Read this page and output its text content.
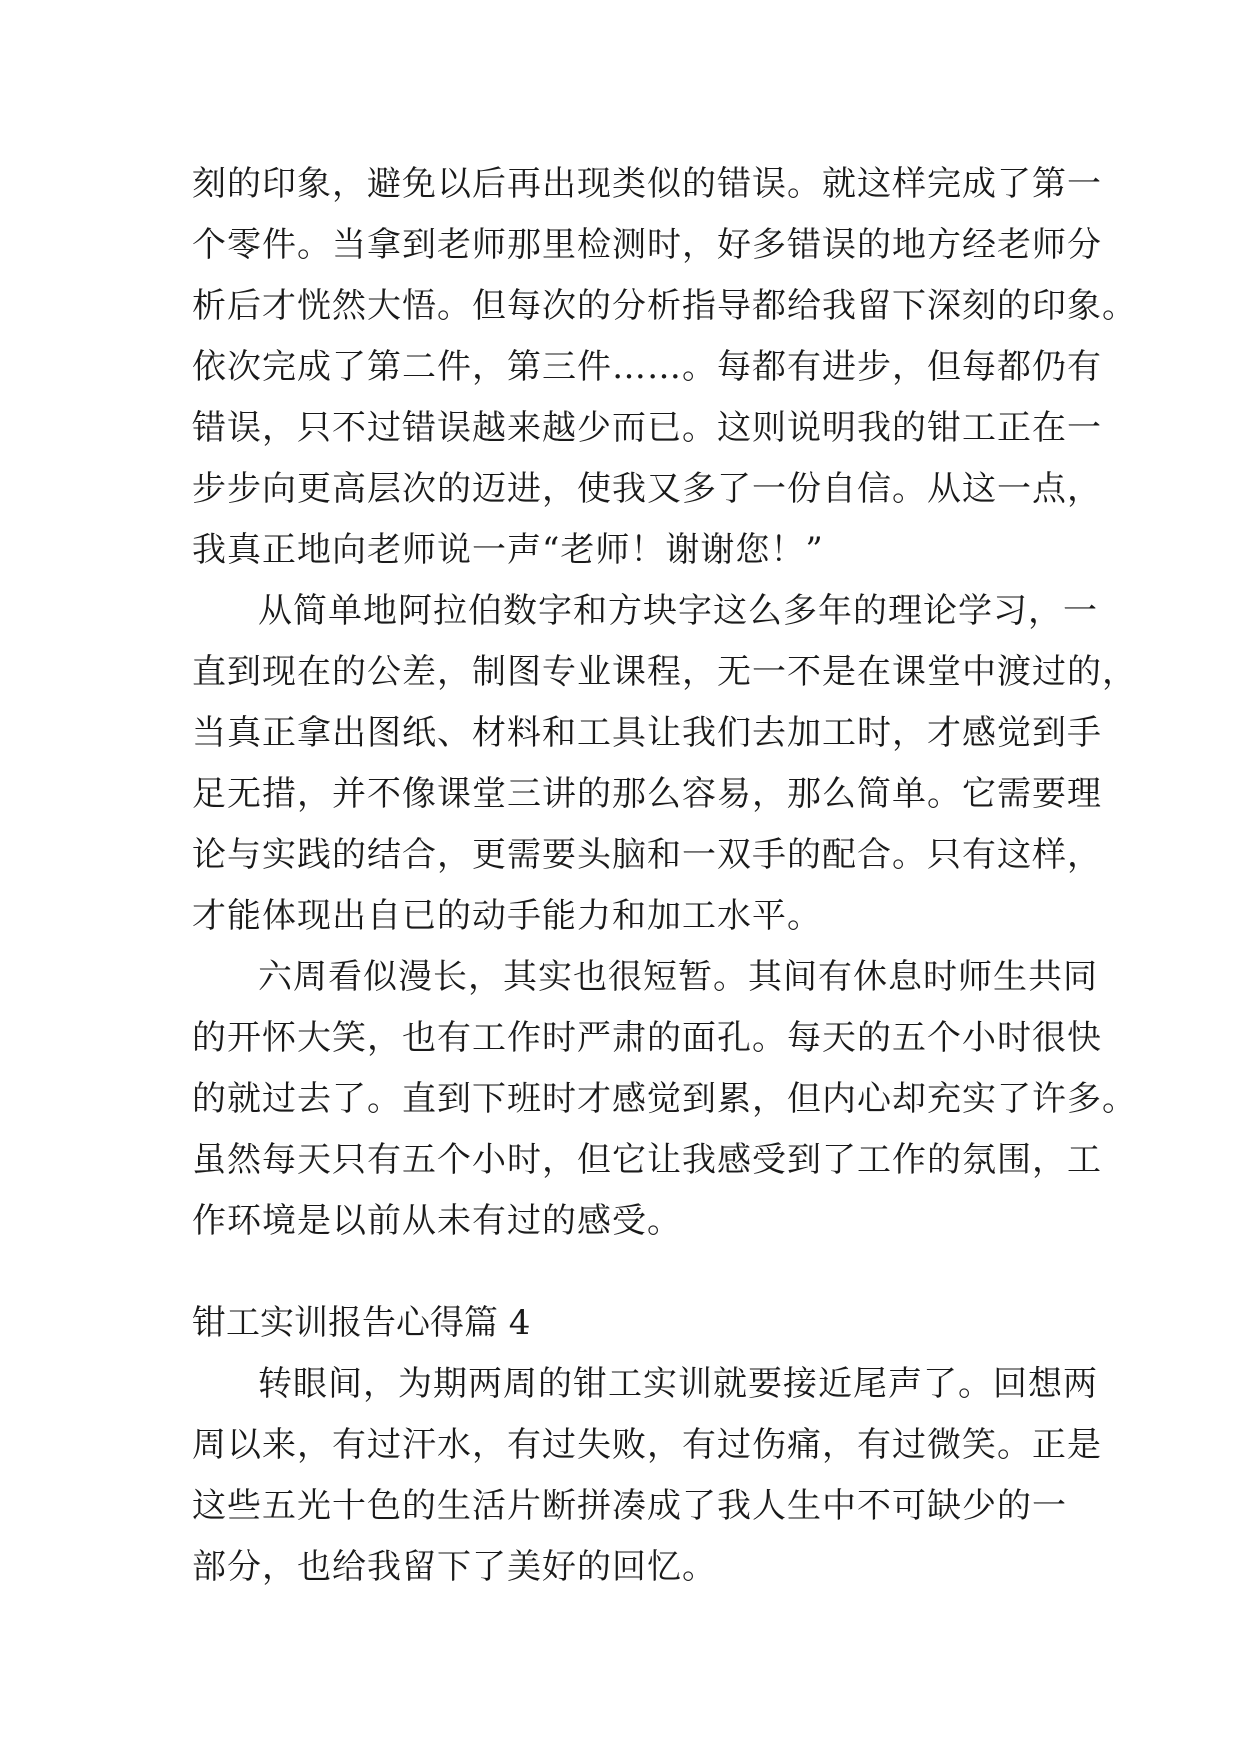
刻的印象，避免以后再出现类似的错误。就这样完成了第一
个零件。当拿到老师那里检测时，好多错误的地方经老师分
析后才恍然大悟。但每次的分析指导都给我留下深刻的印象。
依次完成了第二件，第三件……。每都有进步，但每都仍有
错误，只不过错误越来越少而已。这则说明我的钳工正在一
步步向更高层次的迈进，使我又多了一份自信。从这一点，
我真正地向老师说一声“老师！谢谢您！”
从简单地阿拉伯数字和方块字这么多年的理论学习，一
直到现在的公差，制图专业课程，无一不是在课堂中渡过的，
当真正拿出图纸、材料和工具让我们去加工时，才感觉到手
足无措，并不像课堂三讲的那么容易，那么简单。它需要理
论与实践的结合，更需要头脑和一双手的配合。只有这样，
才能体现出自已的动手能力和加工水平。
六周看似漫长，其实也很短暂。其间有休息时师生共同
的开怀大笑，也有工作时严肃的面孔。每天的五个小时很快
的就过去了。直到下班时才感觉到累，但内心却充实了许多。
虽然每天只有五个小时，但它让我感受到了工作的氛围，工
作环境是以前从未有过的感受。
钳工实训报告心得篇 4
转眼间，为期两周的钳工实训就要接近尾声了。回想两
周以来，有过汗水，有过失败，有过伤痛，有过微笑。正是
这些五光十色的生活片断拼凑成了我人生中不可缺少的一
部分，也给我留下了美好的回忆。
